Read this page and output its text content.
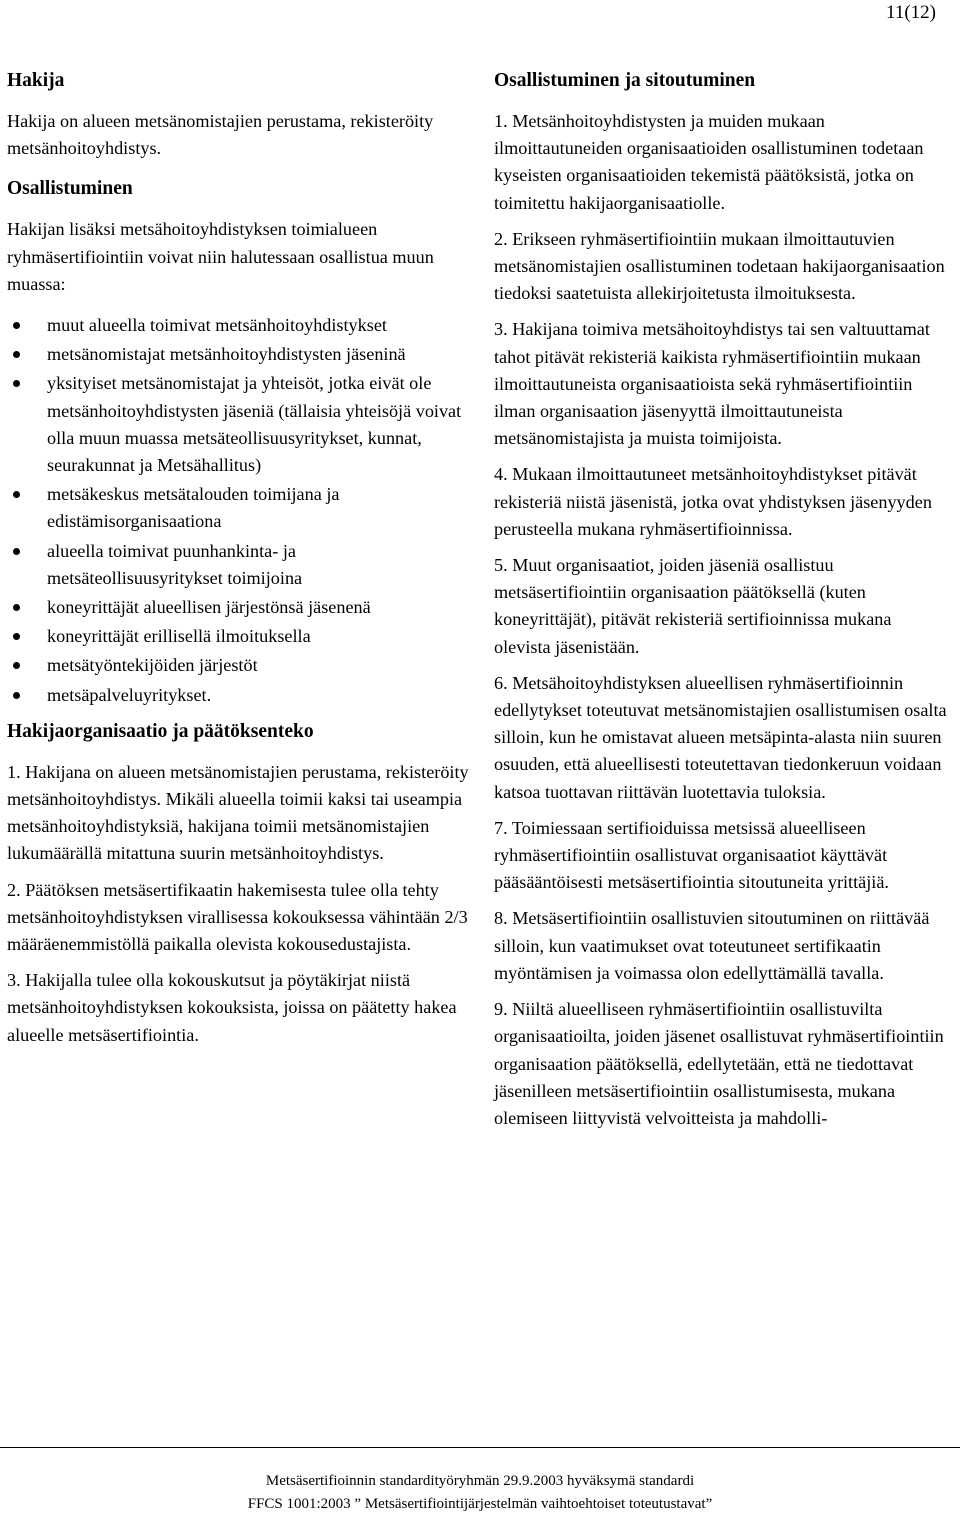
11(12)
Hakija

Hakija on alueen metsänomistajien perustama, rekisteröity metsänhoitoyhdistys.

Osallistuminen

Hakijan lisäksi metsähoitoyhdistyksen toimialueen ryhmäsertifiointiin voivat niin halutessaan osallistua muun muassa:

muut alueella toimivat metsänhoitoyhdistykset
metsänomistajat metsänhoitoyhdistysten jäseninä
yksityiset metsänomistajat ja yhteisöt, jotka eivät ole metsänhoitoyhdistysten jäseniä (tällaisia yhteisöjä voivat olla muun muassa metsäteollisuusyritykset, kunnat, seurakunnat ja Metsähallitus)
metsäkeskus metsätalouden toimijana ja edistämisorganisaationa
alueella toimivat puunhankinta- ja metsäteollisuusyritykset toimijoina
koneyrittäjät alueellisen järjestönsä jäsenenä
koneyrittäjät erillisellä ilmoituksella
metsätyöntekijöiden järjestöt
metsäpalveluyritykset.
Hakijaorganisaatio ja päätöksenteko

1. Hakijana on alueen metsänomistajien perustama, rekisteröity metsänhoitoyhdistys. Mikäli alueella toimii kaksi tai useampia metsänhoitoyhdistyksiä, hakijana toimii metsänomistajien lukumäärällä mitattuna suurin metsänhoitoyhdistys.

2. Päätöksen metsäsertifikaatin hakemisesta tulee olla tehty metsänhoitoyhdistyksen virallisessa kokouksessa vähintään 2/3 määräenemmistöllä paikalla olevista kokousedustajista.

3. Hakijalla tulee olla kokouskutsut ja pöytäkirjat niistä metsänhoitoyhdistyksen kokouksista, joissa on päätetty hakea alueelle metsäsertifiointia.

Osallistuminen ja sitoutuminen

1. Metsänhoitoyhdistysten ja muiden mukaan ilmoittautuneiden organisaatioiden osallistuminen todetaan kyseisten organisaatioiden tekemistä päätöksistä, jotka on toimitettu hakijaorganisaatiolle.

2. Erikseen ryhmäsertifiointiin mukaan ilmoittautuvien metsänomistajien osallistuminen todetaan hakijaorganisaation tiedoksi saatetuista allekirjoitetusta ilmoituksesta.

3. Hakijana toimiva metsähoitoyhdistys tai sen valtuuttamat tahot pitävät rekisteriä kaikista ryhmäsertifiointiin mukaan ilmoittautuneista organisaatioista sekä ryhmäsertifiointiin ilman organisaation jäsenyyttä ilmoittautuneista metsänomistajista ja muista toimijoista.

4. Mukaan ilmoittautuneet metsänhoitoyhdistykset pitävät rekisteriä niistä jäsenistä, jotka ovat yhdistyksen jäsenyyden perusteella mukana ryhmäsertifioinnissa.

5. Muut organisaatiot, joiden jäseniä osallistuu metsäsertifiointiin organisaation päätöksellä (kuten koneyrittäjät), pitävät rekisteriä sertifioinnissa mukana olevista jäsenistään.

6. Metsähoitoyhdistyksen alueellisen ryhmäsertifioinnin edellytykset toteutuvat metsänomistajien osallistumisen osalta silloin, kun he omistavat alueen metsäpinta-alasta niin suuren osuuden, että alueellisesti toteutettavan tiedonkeruun voidaan katsoa tuottavan riittävän luotettavia tuloksia.

7. Toimiessaan sertifioiduissa metsissä alueelliseen ryhmäsertifiointiin osallistuvat organisaatiot käyttävät pääsääntöisesti metsäsertifiointia sitoutuneita yrittäjiä.

8. Metsäsertifiointiin osallistuvien sitoutuminen on riittävää silloin, kun vaatimukset ovat toteutuneet sertifikaatin myöntämisen ja voimassa olon edellyttämällä tavalla.

9. Niiltä alueelliseen ryhmäsertifiointiin osallistuvilta organisaatioilta, joiden jäsenet osallistuvat ryhmäsertifiointiin organisaation päätöksellä, edellytetään, että ne tiedottavat jäsenilleen metsäsertifiointiin osallistumisesta, mukana olemiseen liittyvistä velvoitteista ja mahdolli-

Metsäsertifioinnin standardityöryhmän 29.9.2003 hyväksymä standardi
FFCS 1001:2003 ” Metsäsertifiointijärjestelmän vaihtoehtoiset toteutustavat”
